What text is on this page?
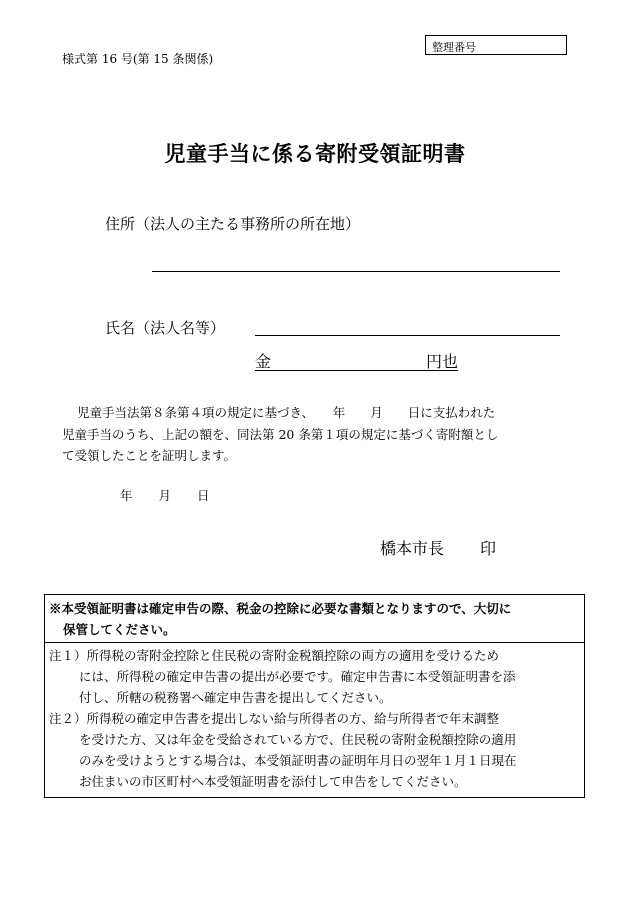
様式第 16 号(第 15 条関係)
整理番号
児童手当に係る寄附受領証明書
住所（法人の主たる事務所の所在地）
氏名（法人名等）
金	円也
児童手当法第８条第４項の規定に基づき、　　年　　月　　日に支払われた
児童手当のうち、上記の額を、同法第 20 条第１項の規定に基づく寄附額とし
て受領したことを証明します。
年 月 日
橋本市長 印
※本受領証明書は確定申告の際、税金の控除に必要な書類となりますので、大切に
保管してください。
注１）所得税の寄附金控除と住民税の寄附金税額控除の両方の適用を受けるため
には、所得税の確定申告書の提出が必要です。確定申告書に本受領証明書を添
付し、所轄の税務署へ確定申告書を提出してください。
注２）所得税の確定申告書を提出しない給与所得者の方、給与所得者で年末調整
を受けた方、又は年金を受給されている方で、住民税の寄附金税額控除の適用
のみを受けようとする場合は、本受領証明書の証明年月日の翌年１月１日現在
お住まいの市区町村へ本受領証明書を添付して申告をしてください。
